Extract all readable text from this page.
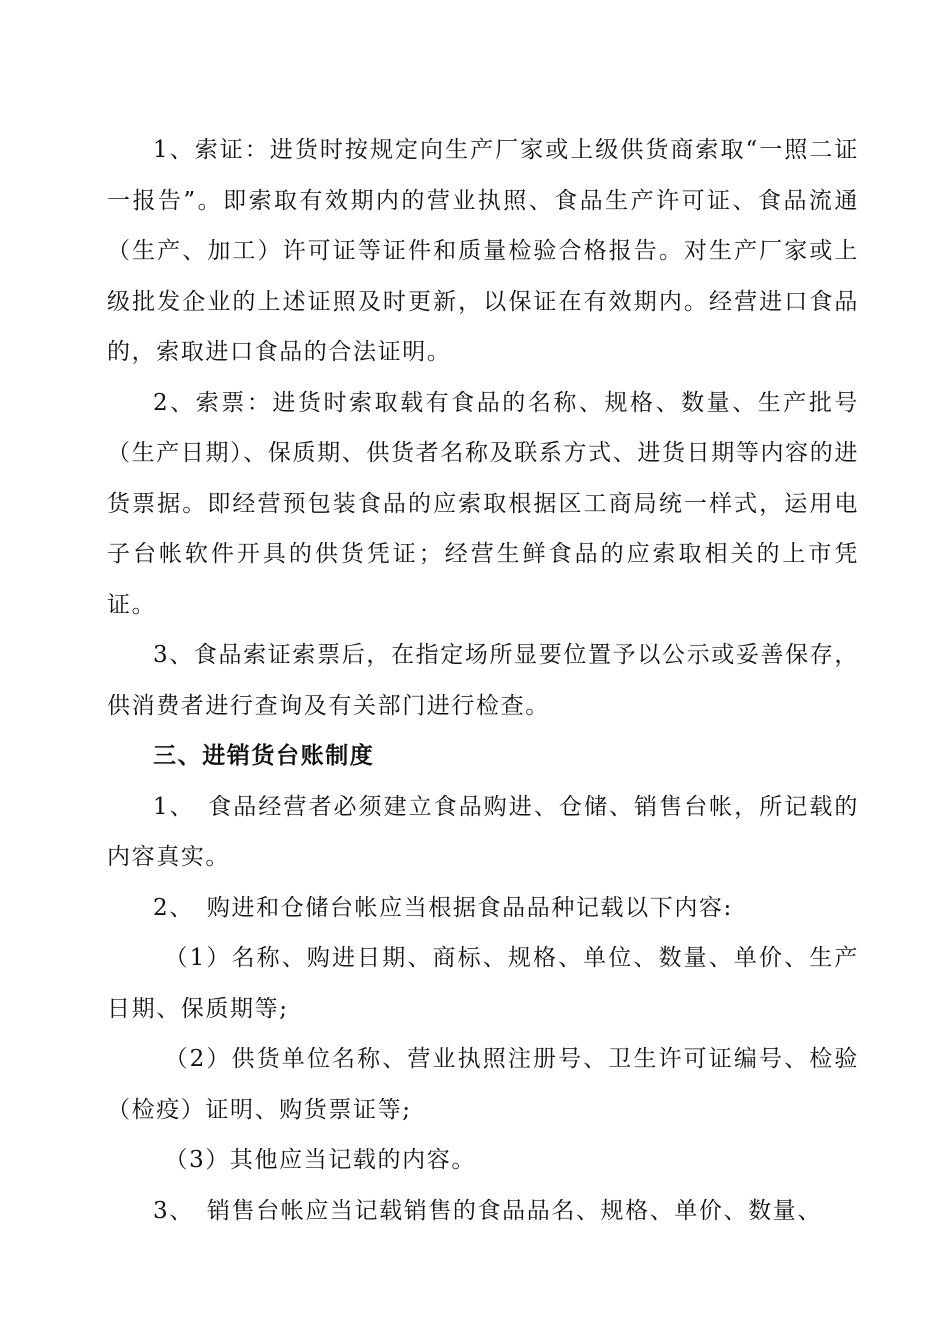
1、索证：进货时按规定向生产厂家或上级供货商索取“一照二证一报告”。即索取有效期内的营业执照、食品生产许可证、食品流通（生产、加工）许可证等证件和质量检验合格报告。对生产厂家或上级批发企业的上述证照及时更新，以保证在有效期内。经营进口食品的，索取进口食品的合法证明。

2、索票：进货时索取载有食品的名称、规格、数量、生产批号（生产日期）、保质期、供货者名称及联系方式、进货日期等内容的进货票据。即经营预包装食品的应索取根据区工商局统一样式，运用电子台帐软件开具的供货凭证；经营生鲜食品的应索取相关的上市凭证。

3、食品索证索票后，在指定场所显要位置予以公示或妥善保存，供消费者进行查询及有关部门进行检查。

三、进销货台账制度

1、　食品经营者必须建立食品购进、仓储、销售台帐，所记载的内容真实。

2、　购进和仓储台帐应当根据食品品种记载以下内容:

（1）名称、购进日期、商标、规格、单位、数量、单价、生产日期、保质期等;

（2）供货单位名称、营业执照注册号、卫生许可证编号、检验（检疫）证明、购货票证等;

（3）其他应当记载的内容。

3、　销售台帐应当记载销售的食品品名、规格、单价、数量、
